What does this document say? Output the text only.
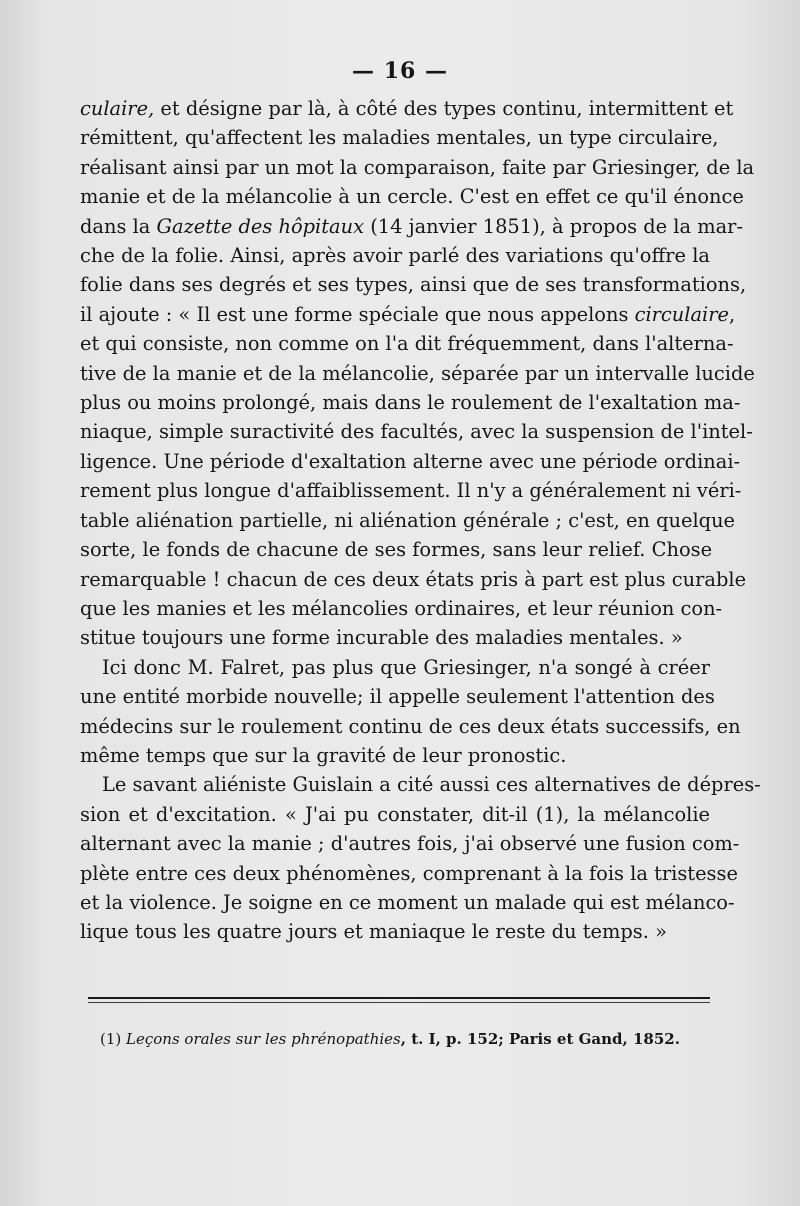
— 16 —
culaire, et désigne par là, à côté des types continu, intermittent et
rémittent, qu'affectent les maladies mentales, un type circulaire,
réalisant ainsi par un mot la comparaison, faite par Griesinger, de la
manie et de la mélancolie à un cercle. C'est en effet ce qu'il énonce
dans la Gazette des hôpitaux (14 janvier 1851), à propos de la mar-
che de la folie. Ainsi, après avoir parlé des variations qu'offre la
folie dans ses degrés et ses types, ainsi que de ses transformations,
il ajoute : « Il est une forme spéciale que nous appelons circulaire,
et qui consiste, non comme on l'a dit fréquemment, dans l'alterna-
tive de la manie et de la mélancolie, séparée par un intervalle lucide
plus ou moins prolongé, mais dans le roulement de l'exaltation ma-
niaque, simple suractivité des facultés, avec la suspension de l'intel-
ligence. Une période d'exaltation alterne avec une période ordinai-
rement plus longue d'affaiblissement. Il n'y a généralement ni véri-
table aliénation partielle, ni aliénation générale ; c'est, en quelque
sorte, le fonds de chacune de ses formes, sans leur relief. Chose
remarquable ! chacun de ces deux états pris à part est plus curable
que les manies et les mélancolies ordinaires, et leur réunion con-
stitue toujours une forme incurable des maladies mentales. »
Ici donc M. Falret, pas plus que Griesinger, n'a songé à créer
une entité morbide nouvelle; il appelle seulement l'attention des
médecins sur le roulement continu de ces deux états successifs, en
même temps que sur la gravité de leur pronostic.
Le savant aliéniste Guislain a cité aussi ces alternatives de dépres-
sion et d'excitation. « J'ai pu constater, dit-il (1), la mélancolie
alternant avec la manie ; d'autres fois, j'ai observé une fusion com-
plète entre ces deux phénomènes, comprenant à la fois la tristesse
et la violence. Je soigne en ce moment un malade qui est mélanco-
lique tous les quatre jours et maniaque le reste du temps. »
(1) Leçons orales sur les phrénopathies, t. I, p. 152; Paris et Gand, 1852.
